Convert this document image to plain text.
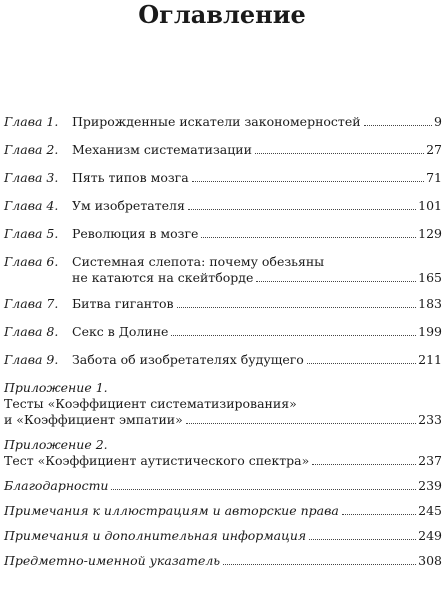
Оглавление
Глава 1.	Прирожденные искатели закономерностей	9
Глава 2.	Механизм систематизации	27
Глава 3.	Пять типов мозга	71
Глава 4.	Ум изобретателя	101
Глава 5.	Революция в мозге	129
Глава 6.	Системная слепота: почему обезьяны
не катаются на скейтборде	165
Глава 7.	Битва гигантов	183
Глава 8.	Секс в Долине	199
Глава 9.	Забота об изобретателях будущего	211
Приложение 1.
Тесты «Коэффициент систематизирования»
и «Коэффициент эмпатии»	233
Приложение 2.
Тест «Коэффициент аутистического спектра»	237
Благодарности	239
Примечания к иллюстрациям и авторские права	245
Примечания и дополнительная информация	249
Предметно-именной указатель	308
